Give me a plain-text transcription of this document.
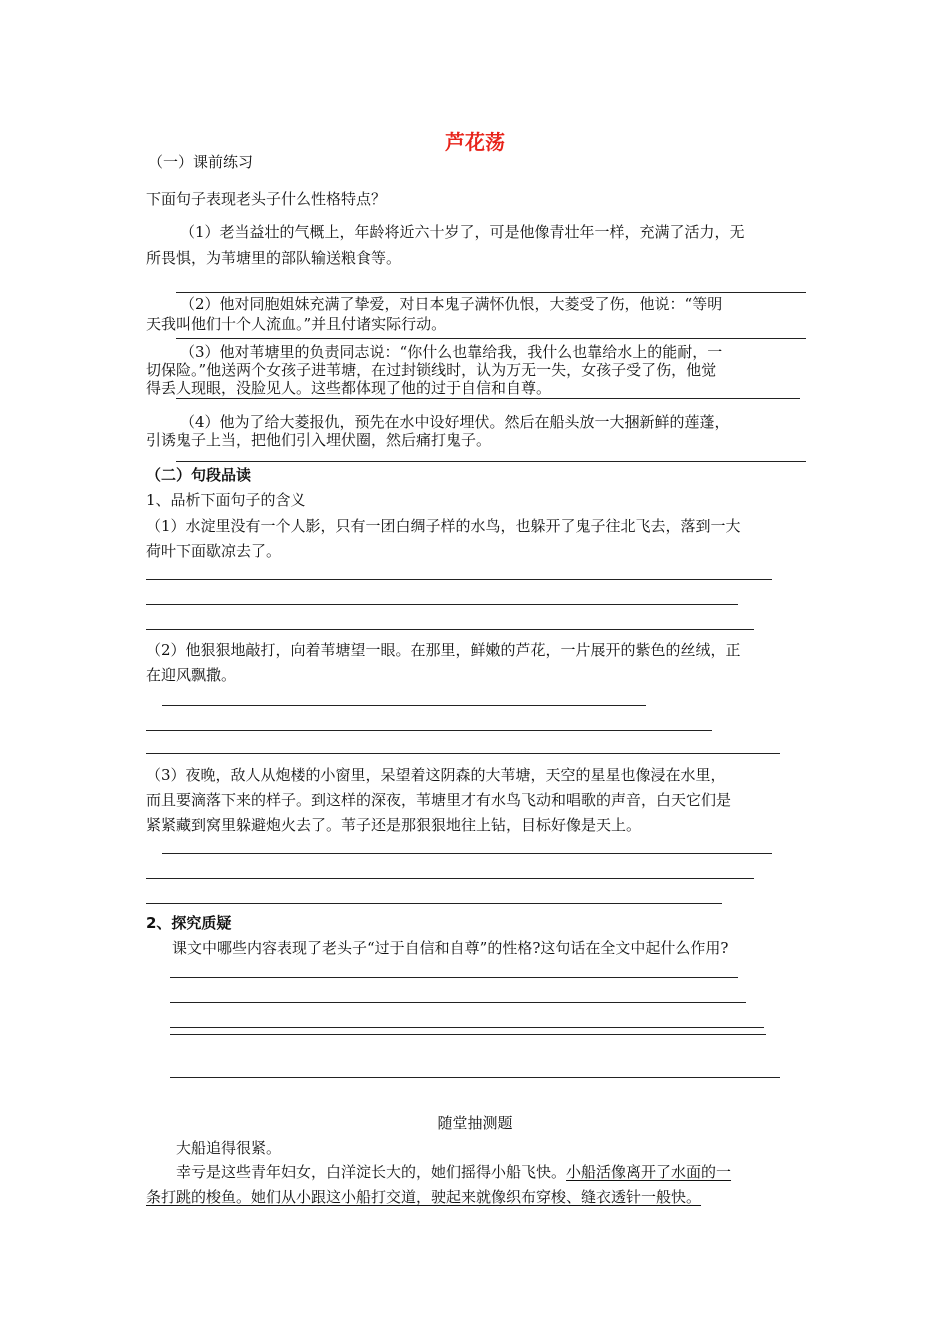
芦花荡
（一）课前练习
下面句子表现老头子什么性格特点？
（1）老当益壮的气概上，年龄将近六十岁了，可是他像青壮年一样，充满了活力，无
所畏惧，为苇塘里的部队输送粮食等。
（2）他对同胞姐妹充满了挚爱，对日本鬼子满怀仇恨，大菱受了伤，他说：“等明
天我叫他们十个人流血。”并且付诸实际行动。
（3）他对苇塘里的负责同志说：“你什么也靠给我，我什么也靠给水上的能耐，一
切保险。”他送两个女孩子进苇塘，在过封锁线时，认为万无一失，女孩子受了伤，他觉
得丢人现眼，没脸见人。这些都体现了他的过于自信和自尊。
（4）他为了给大菱报仇，预先在水中设好埋伏。然后在船头放一大捆新鲜的莲蓬，
引诱鬼子上当，把他们引入埋伏圈，然后痛打鬼子。
（二）句段品读
1、品析下面句子的含义
（1）水淀里没有一个人影，只有一团白绸子样的水鸟，也躲开了鬼子往北飞去，落到一大
荷叶下面歇凉去了。
（2）他狠狠地敲打，向着苇塘望一眼。在那里，鲜嫩的芦花，一片展开的紫色的丝绒，正
在迎风飘撒。
（3）夜晚，敌人从炮楼的小窗里，呆望着这阴森的大苇塘，天空的星星也像浸在水里，
而且要滴落下来的样子。到这样的深夜，苇塘里才有水鸟飞动和唱歌的声音，白天它们是
紧紧藏到窝里躲避炮火去了。苇子还是那狠狠地往上钻，目标好像是天上。
2、探究质疑
课文中哪些内容表现了老头子“过于自信和自尊”的性格?这句话在全文中起什么作用?
随堂抽测题
大船追得很紧。
幸亏是这些青年妇女，白洋淀长大的，她们摇得小船飞快。小船活像离开了水面的一
条打跳的梭鱼。她们从小跟这小船打交道，驶起来就像织布穿梭、缝衣透针一般快。
